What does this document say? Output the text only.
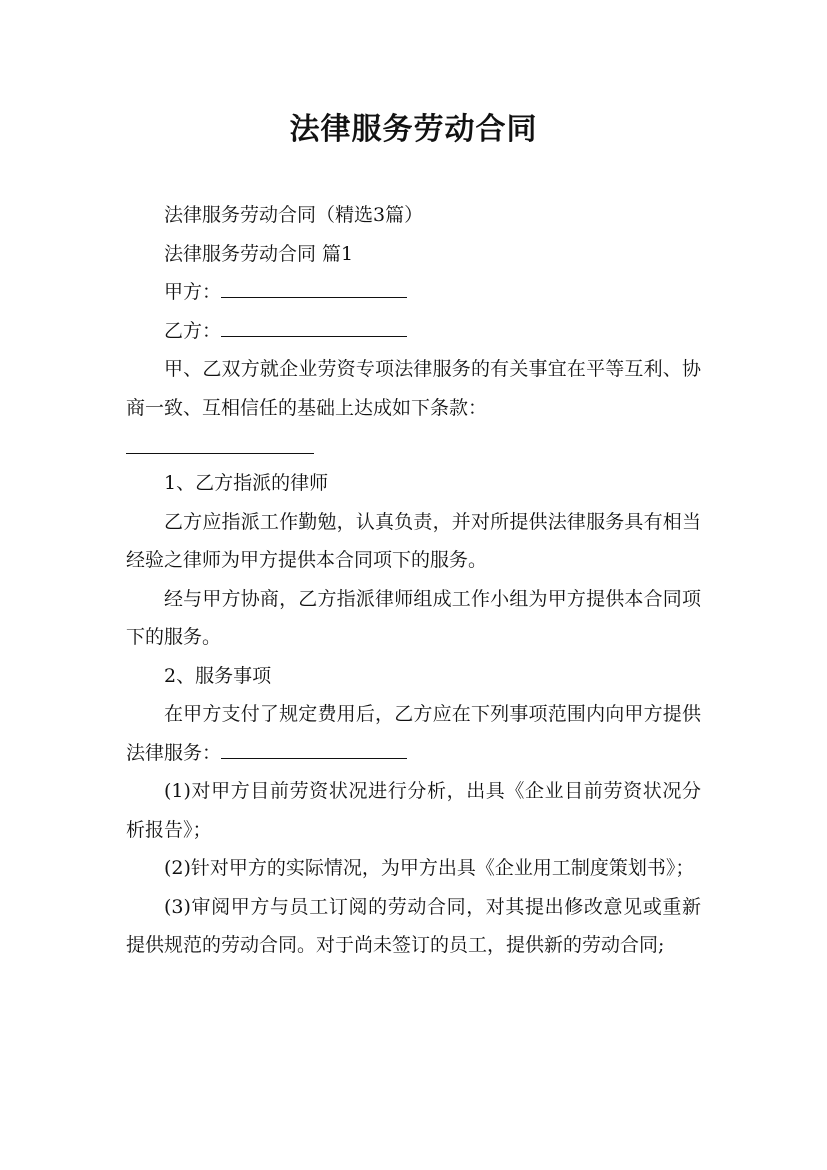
法律服务劳动合同

法律服务劳动合同（精选3篇）

法律服务劳动合同 篇1

甲方：

乙方：

甲、乙双方就企业劳资专项法律服务的有关事宜在平等互利、协商一致、互相信任的基础上达成如下条款：

1、乙方指派的律师

乙方应指派工作勤勉，认真负责，并对所提供法律服务具有相当经验之律师为甲方提供本合同项下的服务。

经与甲方协商，乙方指派律师组成工作小组为甲方提供本合同项下的服务。

2、服务事项

在甲方支付了规定费用后，乙方应在下列事项范围内向甲方提供法律服务：

(1)对甲方目前劳资状况进行分析，出具《企业目前劳资状况分析报告》；

(2)针对甲方的实际情况，为甲方出具《企业用工制度策划书》；

(3)审阅甲方与员工订阅的劳动合同，对其提出修改意见或重新提供规范的劳动合同。对于尚未签订的员工，提供新的劳动合同;
